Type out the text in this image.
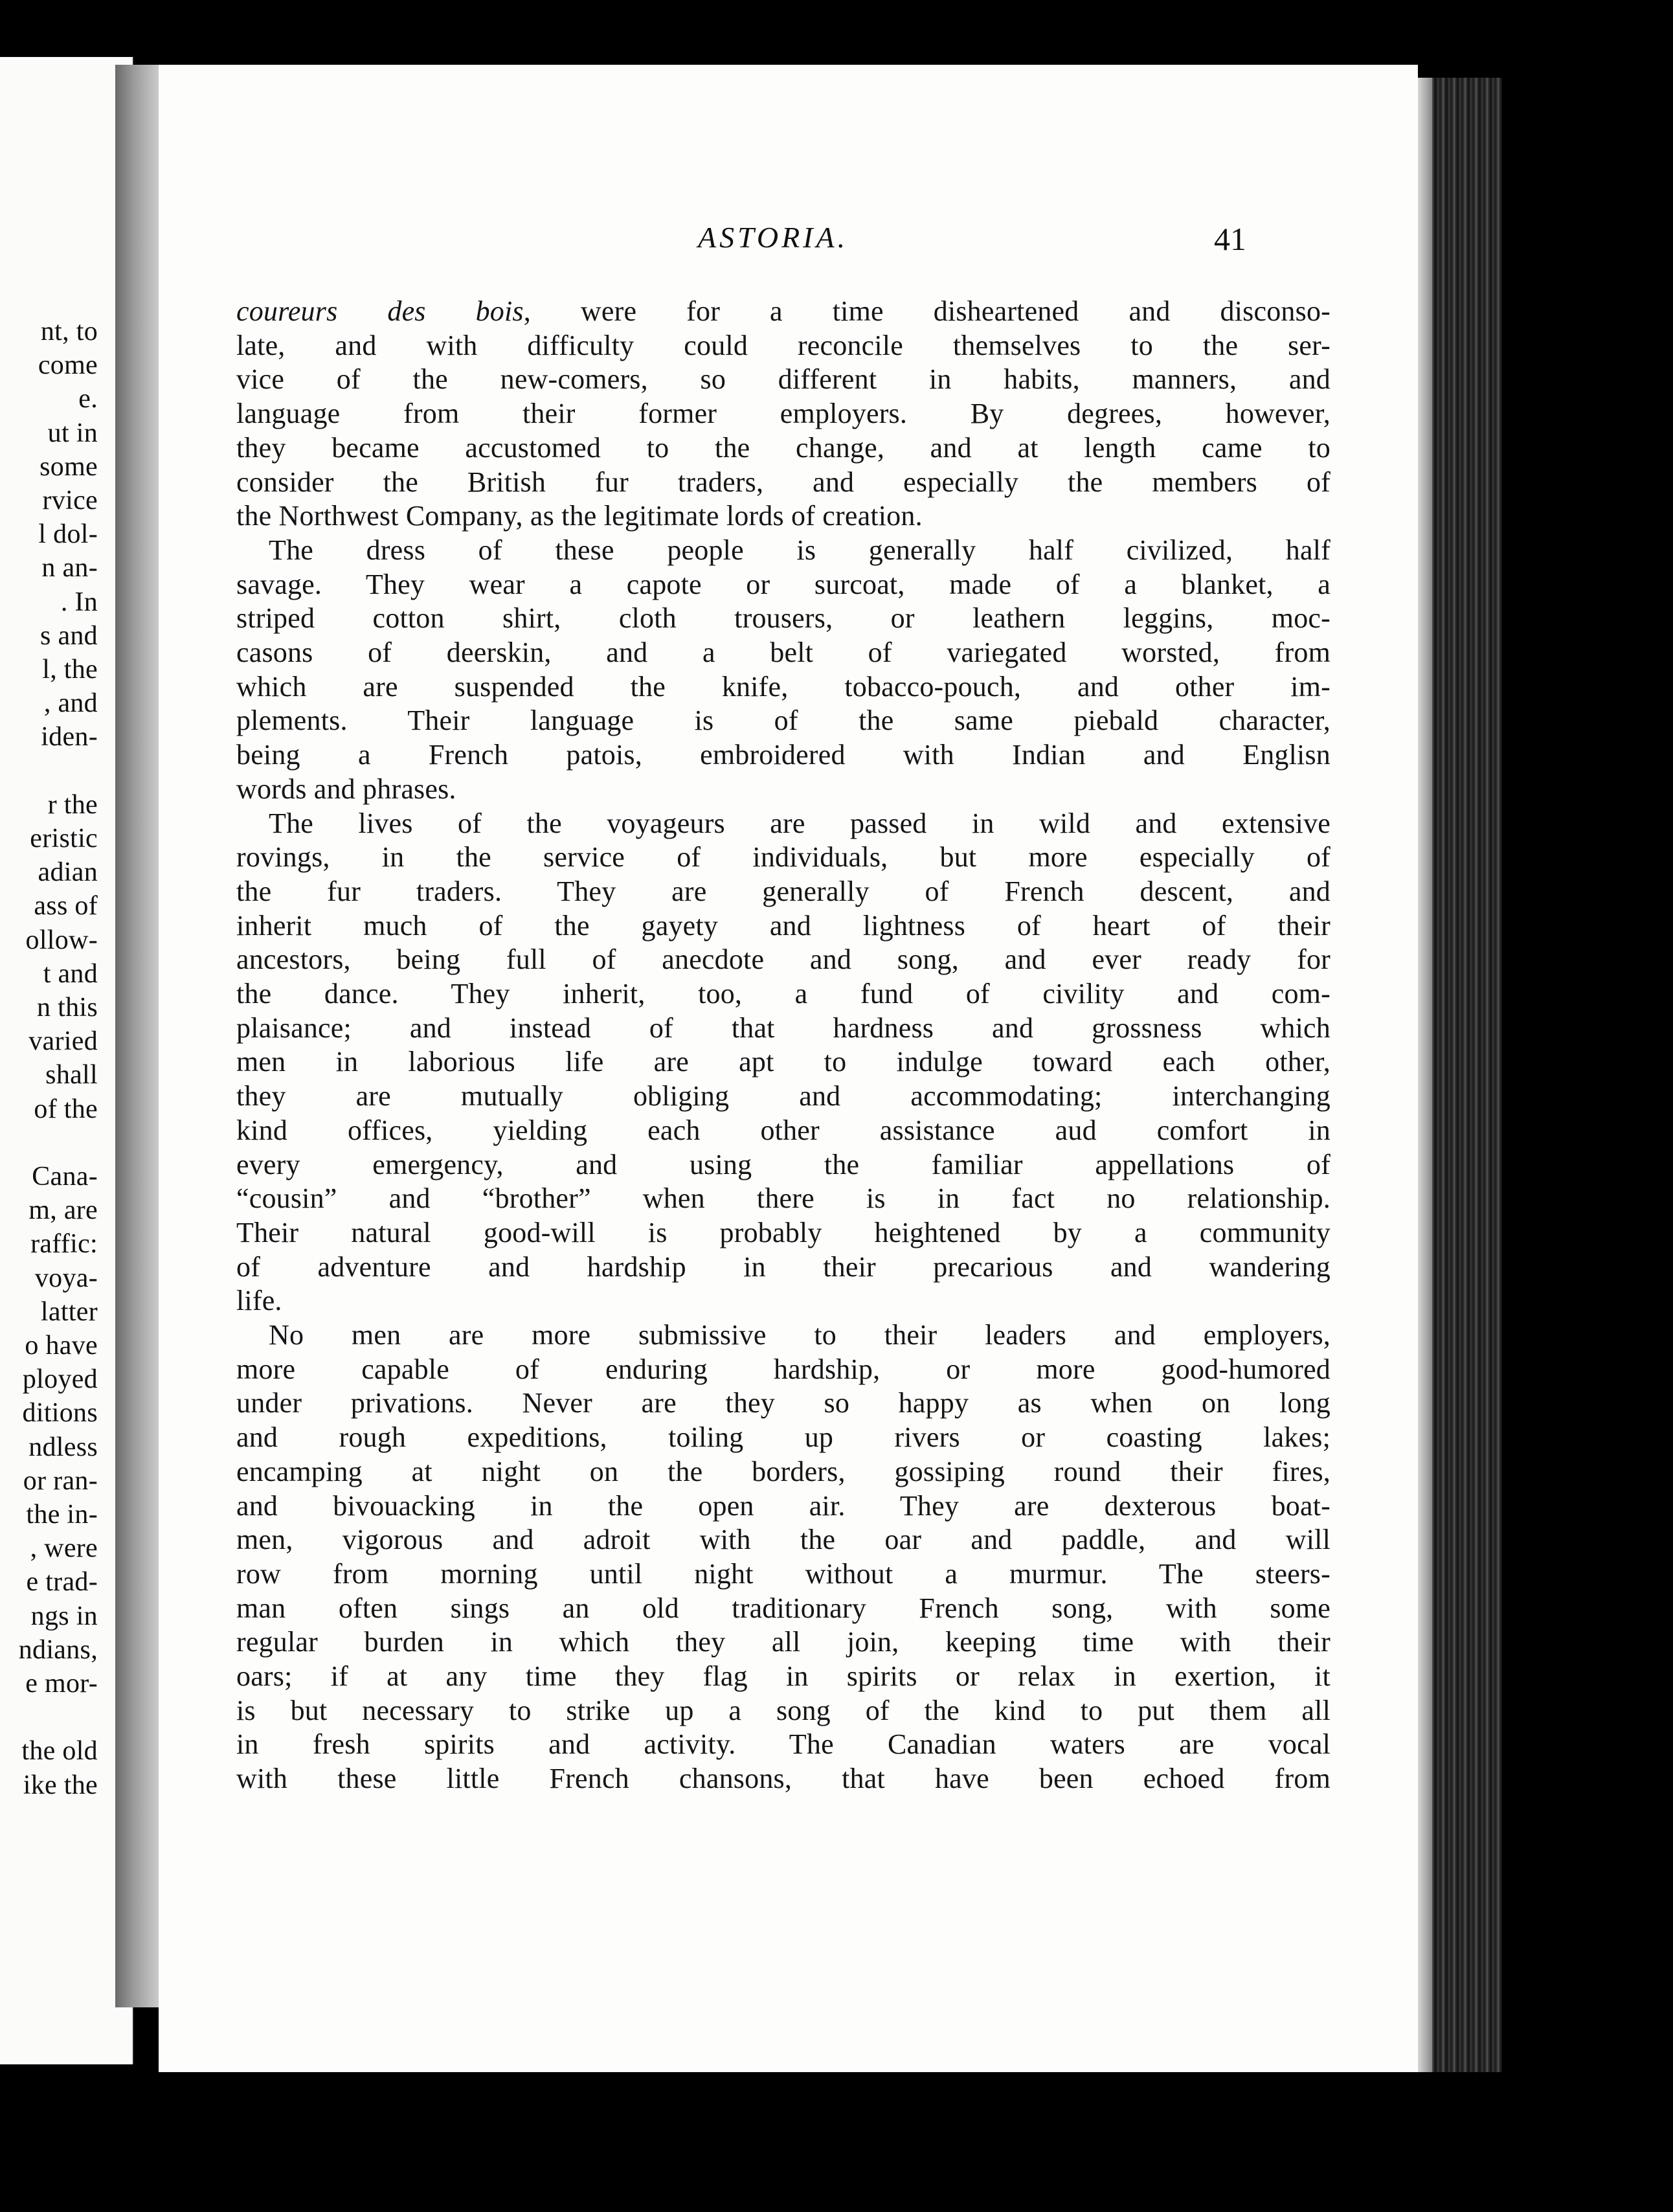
nt, to
come
e.
ut in
some
rvice
l dol-
n an-
. In
s and
l, the
, and
iden-
r the
eristic
adian
ass of
ollow-
t and
n this
varied
shall
of the
Cana-
m, are
raffic:
voya-
latter
o have
ployed
ditions
ndless
or ran-
the in-
, were
e trad-
ngs in
ndians,
e mor-
the old
ike the
ASTORIA.	41
coureurs des bois, were for a time disheartened and disconso-
late, and with difficulty could reconcile themselves to the ser-
vice of the new-comers, so different in habits, manners, and
language from their former employers. By degrees, however,
they became accustomed to the change, and at length came to
consider the British fur traders, and especially the members of
the Northwest Company, as the legitimate lords of creation.
The dress of these people is generally half civilized, half
savage. They wear a capote or surcoat, made of a blanket, a
striped cotton shirt, cloth trousers, or leathern leggins, moc-
casons of deerskin, and a belt of variegated worsted, from
which are suspended the knife, tobacco-pouch, and other im-
plements. Their language is of the same piebald character,
being a French patois, embroidered with Indian and Englisn
words and phrases.
The lives of the voyageurs are passed in wild and extensive
rovings, in the service of individuals, but more especially of
the fur traders. They are generally of French descent, and
inherit much of the gayety and lightness of heart of their
ancestors, being full of anecdote and song, and ever ready for
the dance. They inherit, too, a fund of civility and com-
plaisance; and instead of that hardness and grossness which
men in laborious life are apt to indulge toward each other,
they are mutually obliging and accommodating; interchanging
kind offices, yielding each other assistance aud comfort in
every emergency, and using the familiar appellations of
“cousin” and “brother” when there is in fact no relationship.
Their natural good-will is probably heightened by a community
of adventure and hardship in their precarious and wandering
life.
No men are more submissive to their leaders and employers,
more capable of enduring hardship, or more good-humored
under privations. Never are they so happy as when on long
and rough expeditions, toiling up rivers or coasting lakes;
encamping at night on the borders, gossiping round their fires,
and bivouacking in the open air. They are dexterous boat-
men, vigorous and adroit with the oar and paddle, and will
row from morning until night without a murmur. The steers-
man often sings an old traditionary French song, with some
regular burden in which they all join, keeping time with their
oars; if at any time they flag in spirits or relax in exertion, it
is but necessary to strike up a song of the kind to put them all
in fresh spirits and activity. The Canadian waters are vocal
with these little French chansons, that have been echoed from
